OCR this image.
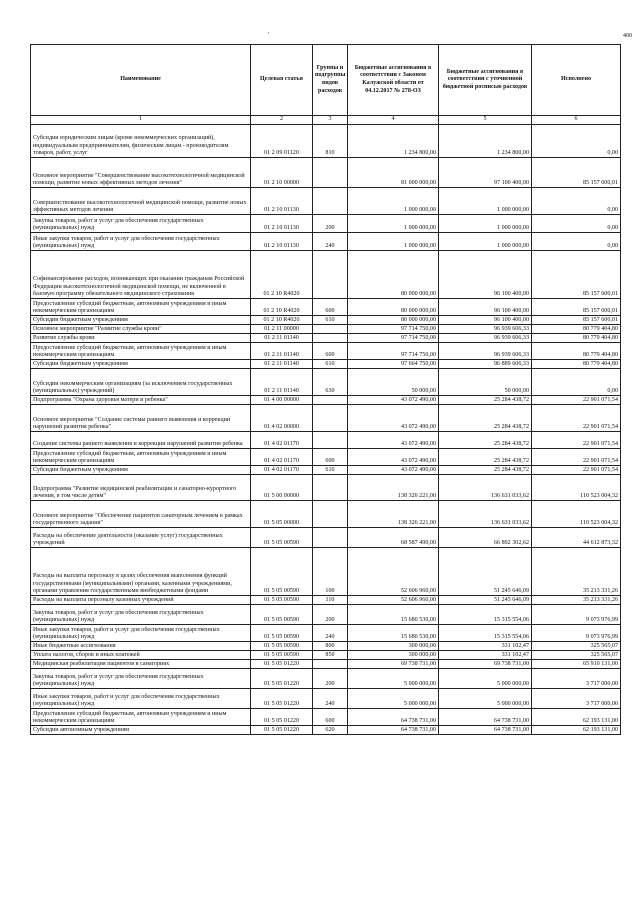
400
'
Наименование	Целевая статья	Группы и подгруппы видов расходов	Бюджетные ассигнования в соответствии с Законом Калужской области от 04.12.2017 № 278-ОЗ	Бюджетные ассигнования в соответствии с уточненной бюджетной росписью расходов	Исполнено
1	2	3	4	5	6
Субсидии юридическим лицам (кроме некоммерческих организаций), индивидуальным предпринимателям, физическим лицам - производителям товаров, работ, услуг	01 2 09 01120	810	1 234 800,00	1 234 800,00	0,00
Основное мероприятие "Совершенствование высокотехнологичной медицинской помощи, развитие новых эффективных методов лечения"	01 2 10 00000		81 000 000,00	97 100 400,00	85 157 600,01
Совершенствование высокотехнологичной медицинской помощи, развитие новых эффективных методов лечения	01 2 10 01130		1 000 000,00	1 000 000,00	0,00
Закупка товаров, работ и услуг для обеспечения государственных (муниципальных) нужд	01 2 10 01130	200	1 000 000,00	1 000 000,00	0,00
Иные закупки товаров, работ и услуг для обеспечения государственных (муниципальных) нужд	01 2 10 01130	240	1 000 000,00	1 000 000,00	0,00
Софинансирование расходов, возникающих при оказании гражданам Российской Федерации высокотехнологичной медицинской помощи, не включенной в базовую программу обязательного медицинского страхования	01 2 10 R4020		80 000 000,00	96 100 400,00	85 157 600,01
Предоставление субсидий бюджетным, автономным учреждениям и иным некоммерческим организациям	01 2 10 R4020	600	80 000 000,00	96 100 400,00	85 157 600,01
Субсидии бюджетным учреждениям	01 2 10 R4020	610	80 000 000,00	96 100 400,00	85 157 600,01
Основное мероприятие "Развитие службы крови"	01 2 11 00000		97 714 750,00	96 939 606,33	80 779 404,80
Развитие службы крови	01 2 11 01140		97 714 750,00	96 939 606,33	80 779 404,80
Предоставление субсидий бюджетным, автономным учреждениям и иным некоммерческим организациям	01 2 11 01140	600	97 714 750,00	96 939 606,33	80 779 404,80
Субсидии бюджетным учреждениям	01 2 11 01140	610	97 664 750,00	96 889 606,33	80 779 404,80
Субсидии некоммерческим организациям (за исключением государственных (муниципальных) учреждений)	01 2 11 01140	630	50 000,00	50 000,00	0,00
Подпрограмма "Охрана здоровья матери и ребенка"	01 4 00 00000		43 072 490,00	25 284 438,72	22 901 071,54
Основное мероприятие "Создание системы раннего выявления и коррекции нарушений развития ребенка"	01 4 02 00000		43 072 490,00	25 284 438,72	22 901 071,54
Создание системы раннего выявления и коррекции нарушений развития ребенка	01 4 02 01170		43 072 490,00	25 284 438,72	22 901 071,54
Предоставление субсидий бюджетным, автономным учреждениям и иным некоммерческим организациям	01 4 02 01170	600	43 072 490,00	25 284 438,72	22 901 071,54
Субсидии бюджетным учреждениям	01 4 02 01170	610	43 072 490,00	25 284 438,72	22 901 071,54
Подпрограмма "Развитие медицинской реабилитации и санаторно-курортного лечения, в том числе детям"	01 5 00 00000		138 326 221,00	136 631 033,62	110 523 004,32
Основное мероприятие "Обеспечение пациентов санаторным лечением в рамках государственного задания"	01 5 05 00000		138 326 221,00	136 631 033,62	110 523 004,32
Расходы на обеспечение деятельности (оказание услуг) государственных учреждений	01 5 05 00590		68 587 490,00	66 892 302,62	44 612 873,32
Расходы на выплаты персоналу в целях обеспечения выполнения функций государственными (муниципальными) органами, казенными учреждениями, органами управления государственными внебюджетными фондами	01 5 05 00590	100	52 606 960,00	51 245 646,09	35 213 331,26
Расходы на выплаты персоналу казенных учреждений	01 5 05 00590	110	52 606 960,00	51 245 646,09	35 213 331,26
Закупка товаров, работ и услуг для обеспечения государственных (муниципальных) нужд	01 5 05 00590	200	15 680 530,00	15 315 554,06	9 073 976,99
Иные закупки товаров, работ и услуг для обеспечения государственных (муниципальных) нужд	01 5 05 00590	240	15 680 530,00	15 315 554,06	9 073 976,99
Иные бюджетные ассигнования	01 5 05 00590	800	300 000,00	331 102,47	325 565,07
Уплата налогов, сборов и иных платежей	01 5 05 00590	850	300 000,00	331 102,47	325 565,07
Медицинская реабилитация пациентов в санаториях	01 5 05 01220		69 738 731,00	69 738 731,00	65 910 131,00
Закупка товаров, работ и услуг для обеспечения государственных (муниципальных) нужд	01 5 05 01220	200	5 000 000,00	5 000 000,00	3 717 000,00
Иные закупки товаров, работ и услуг для обеспечения государственных (муниципальных) нужд	01 5 05 01220	240	5 000 000,00	5 000 000,00	3 717 000,00
Предоставление субсидий бюджетным, автономным учреждениям и иным некоммерческим организациям	01 5 05 01220	600	64 738 731,00	64 738 731,00	62 193 131,00
Субсидии автономным учреждениям	01 5 05 01220	620	64 738 731,00	64 738 731,00	62 193 131,00
